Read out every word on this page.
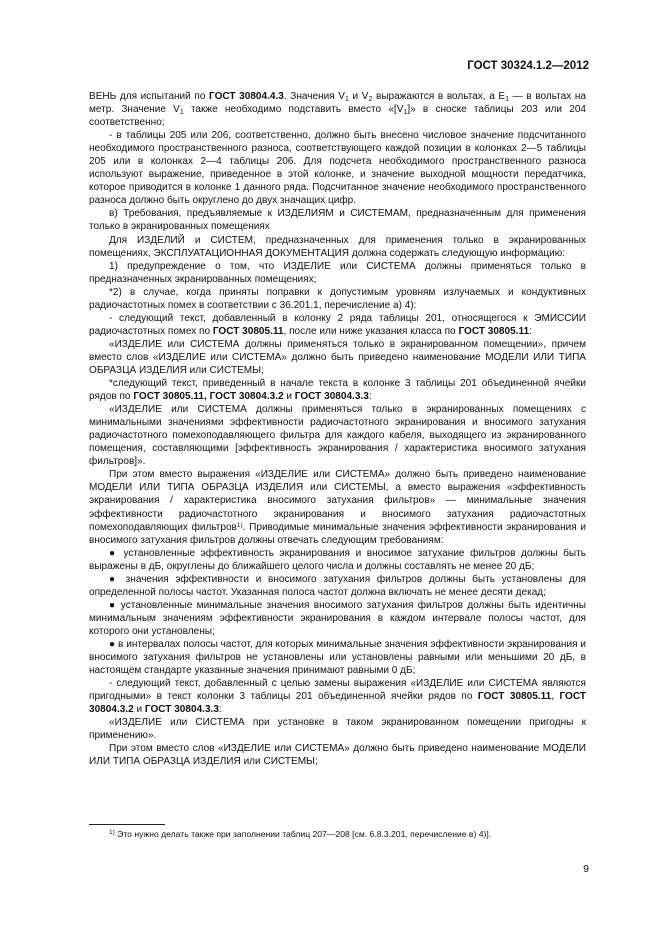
ГОСТ 30324.1.2—2012

ВЕНЬ для испытаний по ГОСТ 30804.4.3. Значения $V_1$ и $V_2$ выражаются в вольтах, а $E_1$ — в вольтах на метр. Значение $V_1$ также необходимо подставить вместо «$[V_1]$» в сноске таблицы 203 или 204 соответственно;

- в таблицы 205 или 206, соответственно, должно быть внесено числовое значение подсчитанного необходимого пространственного разноса, соответствующего каждой позиции в колонках 2—5 таблицы 205 или в колонках 2—4 таблицы 206. Для подсчета необходимого пространственного разноса используют выражение, приведенное в этой колонке, и значение выходной мощности передатчика, которое приводится в колонке 1 данного ряда. Подсчитанное значение необходимого пространственного разноса должно быть округлено до двух значащих цифр.

в) Требования, предъявляемые к ИЗДЕЛИЯМ и СИСТЕМАМ, предназначенным для применения только в экранированных помещениях

Для ИЗДЕЛИЙ и СИСТЕМ, предназначенных для применения только в экранированных помещениях, ЭКСПЛУАТАЦИОННАЯ ДОКУМЕНТАЦИЯ должна содержать следующую информацию:

1) предупреждение о том, что ИЗДЕЛИЕ или СИСТЕМА должны применяться только в предназначенных экранированных помещениях;

*2) в случае, когда приняты поправки к допустимым уровням излучаемых и кондуктивных радиочастотных помех в соответствии с 36.201.1, перечисление а) 4):

- следующий текст, добавленный в колонку 2 ряда таблицы 201, относящегося к ЭМИССИИ радиочастотных помех по ГОСТ 30805.11, после или ниже указания класса по ГОСТ 30805.11:

«ИЗДЕЛИЕ или СИСТЕМА должны применяться только в экранированном помещении», причем вместо слов «ИЗДЕЛИЕ или СИСТЕМА» должно быть приведено наименование МОДЕЛИ ИЛИ ТИПА ОБРАЗЦА ИЗДЕЛИЯ или СИСТЕМЫ;

*следующий текст, приведенный в начале текста в колонке 3 таблицы 201 объединенной ячейки рядов по ГОСТ 30805.11, ГОСТ 30804.3.2 и ГОСТ 30804.3.3:

«ИЗДЕЛИЕ или СИСТЕМА должны применяться только в экранированных помещениях с минимальными значениями эффективности радиочастотного экранирования и вносимого затухания радиочастотного помехоподавляющего фильтра для каждого кабеля, выходящего из экранированного помещения, составляющими [эффективность экранирования / характеристика вносимого затухания фильтров]».

При этом вместо выражения «ИЗДЕЛИЕ или СИСТЕМА» должно быть приведено наименование МОДЕЛИ ИЛИ ТИПА ОБРАЗЦА ИЗДЕЛИЯ или СИСТЕМЫ, а вместо выражения «эффективность экранирования / характеристика вносимого затухания фильтров» — минимальные значения эффективности радиочастотного экранирования и вносимого затухания радиочастотных помехоподавляющих фильтров$^{1)}$. Приводимые минимальные значения эффективности экранирования и вносимого затухания фильтров должны отвечать следующим требованиям:

● установленные эффективность экранирования и вносимое затухание фильтров должны быть выражены в дБ, округлены до ближайшего целого числа и должны составлять не менее 20 дБ;

● значения эффективности и вносимого затухания фильтров должны быть установлены для определенной полосы частот. Указанная полоса частот должна включать не менее десяти декад;

● установленные минимальные значения вносимого затухания фильтров должны быть идентичны минимальным значениям эффективности экранирования в каждом интервале полосы частот, для которого они установлены;

● в интервалах полосы частот, для которых минимальные значения эффективности экранирования и вносимого затухания фильтров не установлены или установлены равными или меньшими 20 дБ, в настоящем стандарте указанные значения принимают равными 0 дБ;

- следующий текст, добавленный с целью замены выражения «ИЗДЕЛИЕ или СИСТЕМА являются пригодными» в текст колонки 3 таблицы 201 объединенной ячейки рядов по ГОСТ 30805.11, ГОСТ 30804.3.2 и ГОСТ 30804.3.3:

«ИЗДЕЛИЕ или СИСТЕМА при установке в таком экранированном помещении пригодны к применению».

При этом вместо слов «ИЗДЕЛИЕ или СИСТЕМА» должно быть приведено наименование МОДЕЛИ ИЛИ ТИПА ОБРАЗЦА ИЗДЕЛИЯ или СИСТЕМЫ;

$^{1)}$ Это нужно делать также при заполнении таблиц 207—208 [см. 6.8.3.201, перечисление в) 4)].
9
